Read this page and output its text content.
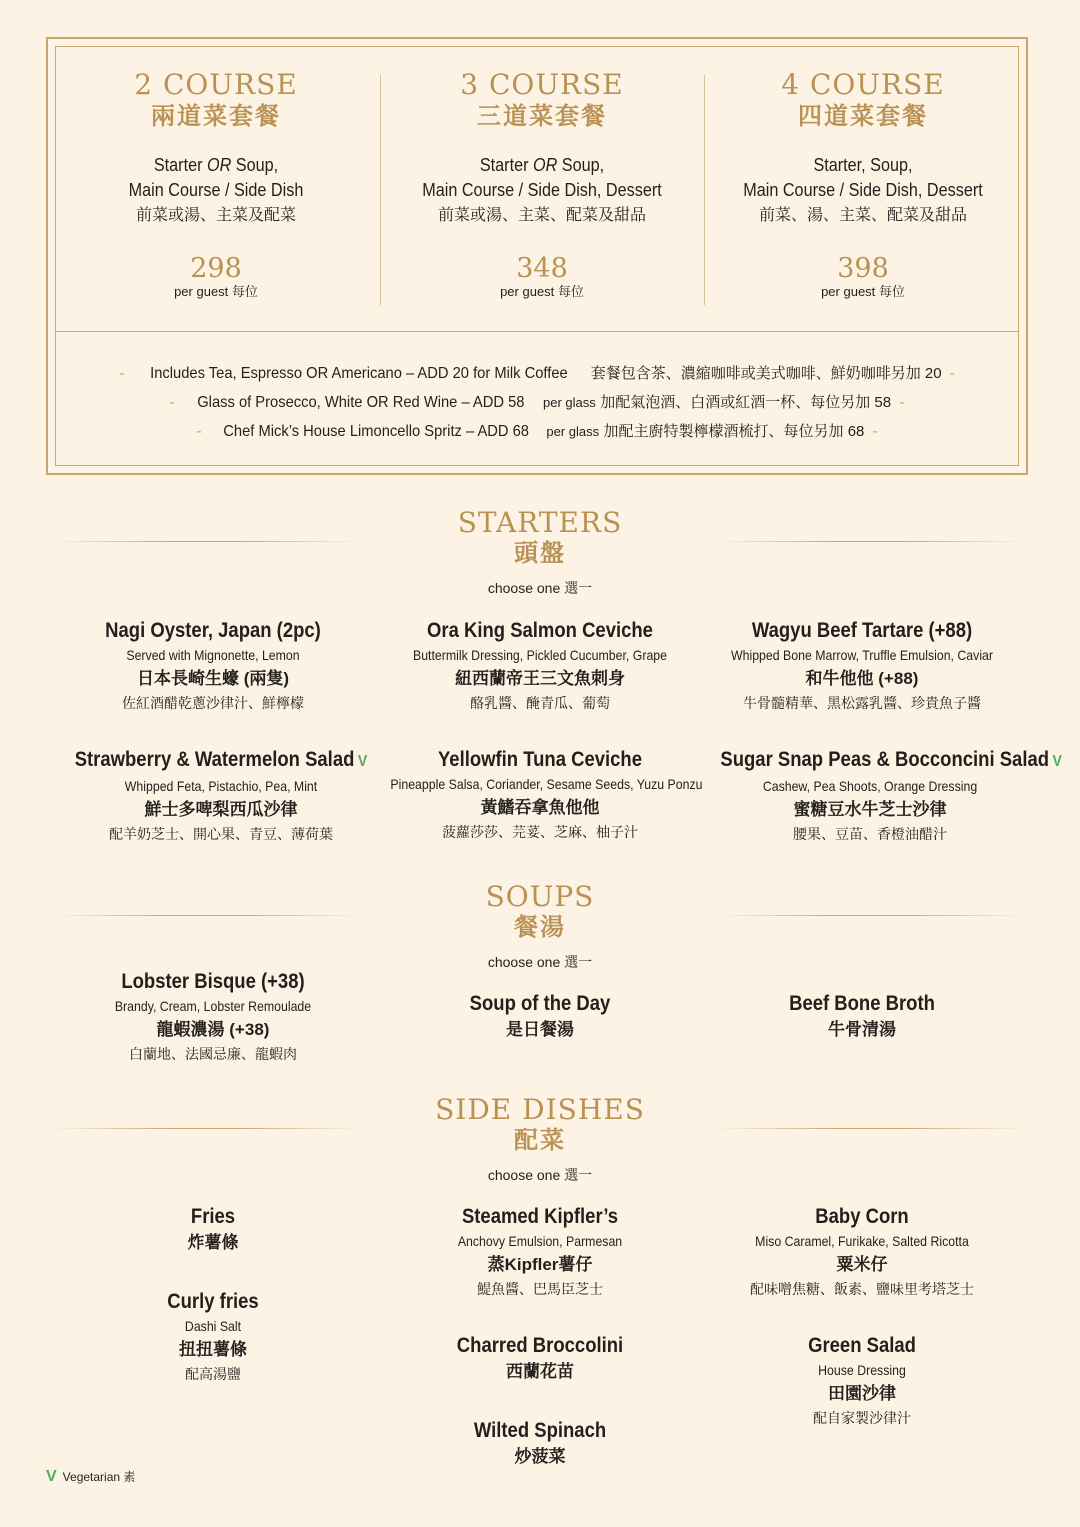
2 COURSE
兩道菜套餐
Starter OR Soup,
Main Course / Side Dish
前菜或湯、主菜及配菜
298
per guest 每位
3 COURSE
三道菜套餐
Starter OR Soup,
Main Course / Side Dish, Dessert
前菜或湯、主菜、配菜及甜品
348
per guest 每位
4 COURSE
四道菜套餐
Starter, Soup,
Main Course / Side Dish, Dessert
前菜、湯、主菜、配菜及甜品
398
per guest 每位
- Includes Tea, Espresso OR Americano – ADD 20 for Milk Coffee 套餐包含茶、濃縮咖啡或美式咖啡、鮮奶咖啡另加 20 -
- Glass of Prosecco, White OR Red Wine – ADD 58 per glass 加配氣泡酒、白酒或紅酒一杯、每位另加 58 -
- Chef Mick’s House Limoncello Spritz – ADD 68 per glass 加配主廚特製檸檬酒梳打、每位另加 68 -
STARTERS
頭盤
choose one 選一
Nagi Oyster, Japan (2pc)
Served with Mignonette, Lemon
日本長崎生蠔 (兩隻)
佐紅酒醋乾蔥沙律汁、鮮檸檬
Ora King Salmon Ceviche
Buttermilk Dressing, Pickled Cucumber, Grape
紐西蘭帝王三文魚刺身
酪乳醬、醃青瓜、葡萄
Wagyu Beef Tartare (+88)
Whipped Bone Marrow, Truffle Emulsion, Caviar
和牛他他 (+88)
牛骨髓精華、黑松露乳醬、珍貴魚子醬
Strawberry & Watermelon Salad V
Whipped Feta, Pistachio, Pea, Mint
鮮士多啤梨西瓜沙律
配羊奶芝士、開心果、青豆、薄荷葉
Yellowfin Tuna Ceviche
Pineapple Salsa, Coriander, Sesame Seeds, Yuzu Ponzu
黃鰭吞拿魚他他
菠蘿莎莎、芫荽、芝麻、柚子汁
Sugar Snap Peas & Bocconcini Salad V
Cashew, Pea Shoots, Orange Dressing
蜜糖豆水牛芝士沙律
腰果、豆苗、香橙油醋汁
SOUPS
餐湯
choose one 選一
Lobster Bisque (+38)
Brandy, Cream, Lobster Remoulade
龍蝦濃湯 (+38)
白蘭地、法國忌廉、龍蝦肉
Soup of the Day
是日餐湯
Beef Bone Broth
牛骨清湯
SIDE DISHES
配菜
choose one 選一
Fries
炸薯條
Steamed Kipfler’s
Anchovy Emulsion, Parmesan
蒸Kipfler薯仔
鯷魚醬、巴馬臣芝士
Baby Corn
Miso Caramel, Furikake, Salted Ricotta
粟米仔
配味噌焦糖、飯素、鹽味里考塔芝士
Curly fries
Dashi Salt
扭扭薯條
配高湯鹽
Charred Broccolini
西蘭花苗
Green Salad
House Dressing
田園沙律
配自家製沙律汁
Wilted Spinach
炒菠菜
V Vegetarian 素
